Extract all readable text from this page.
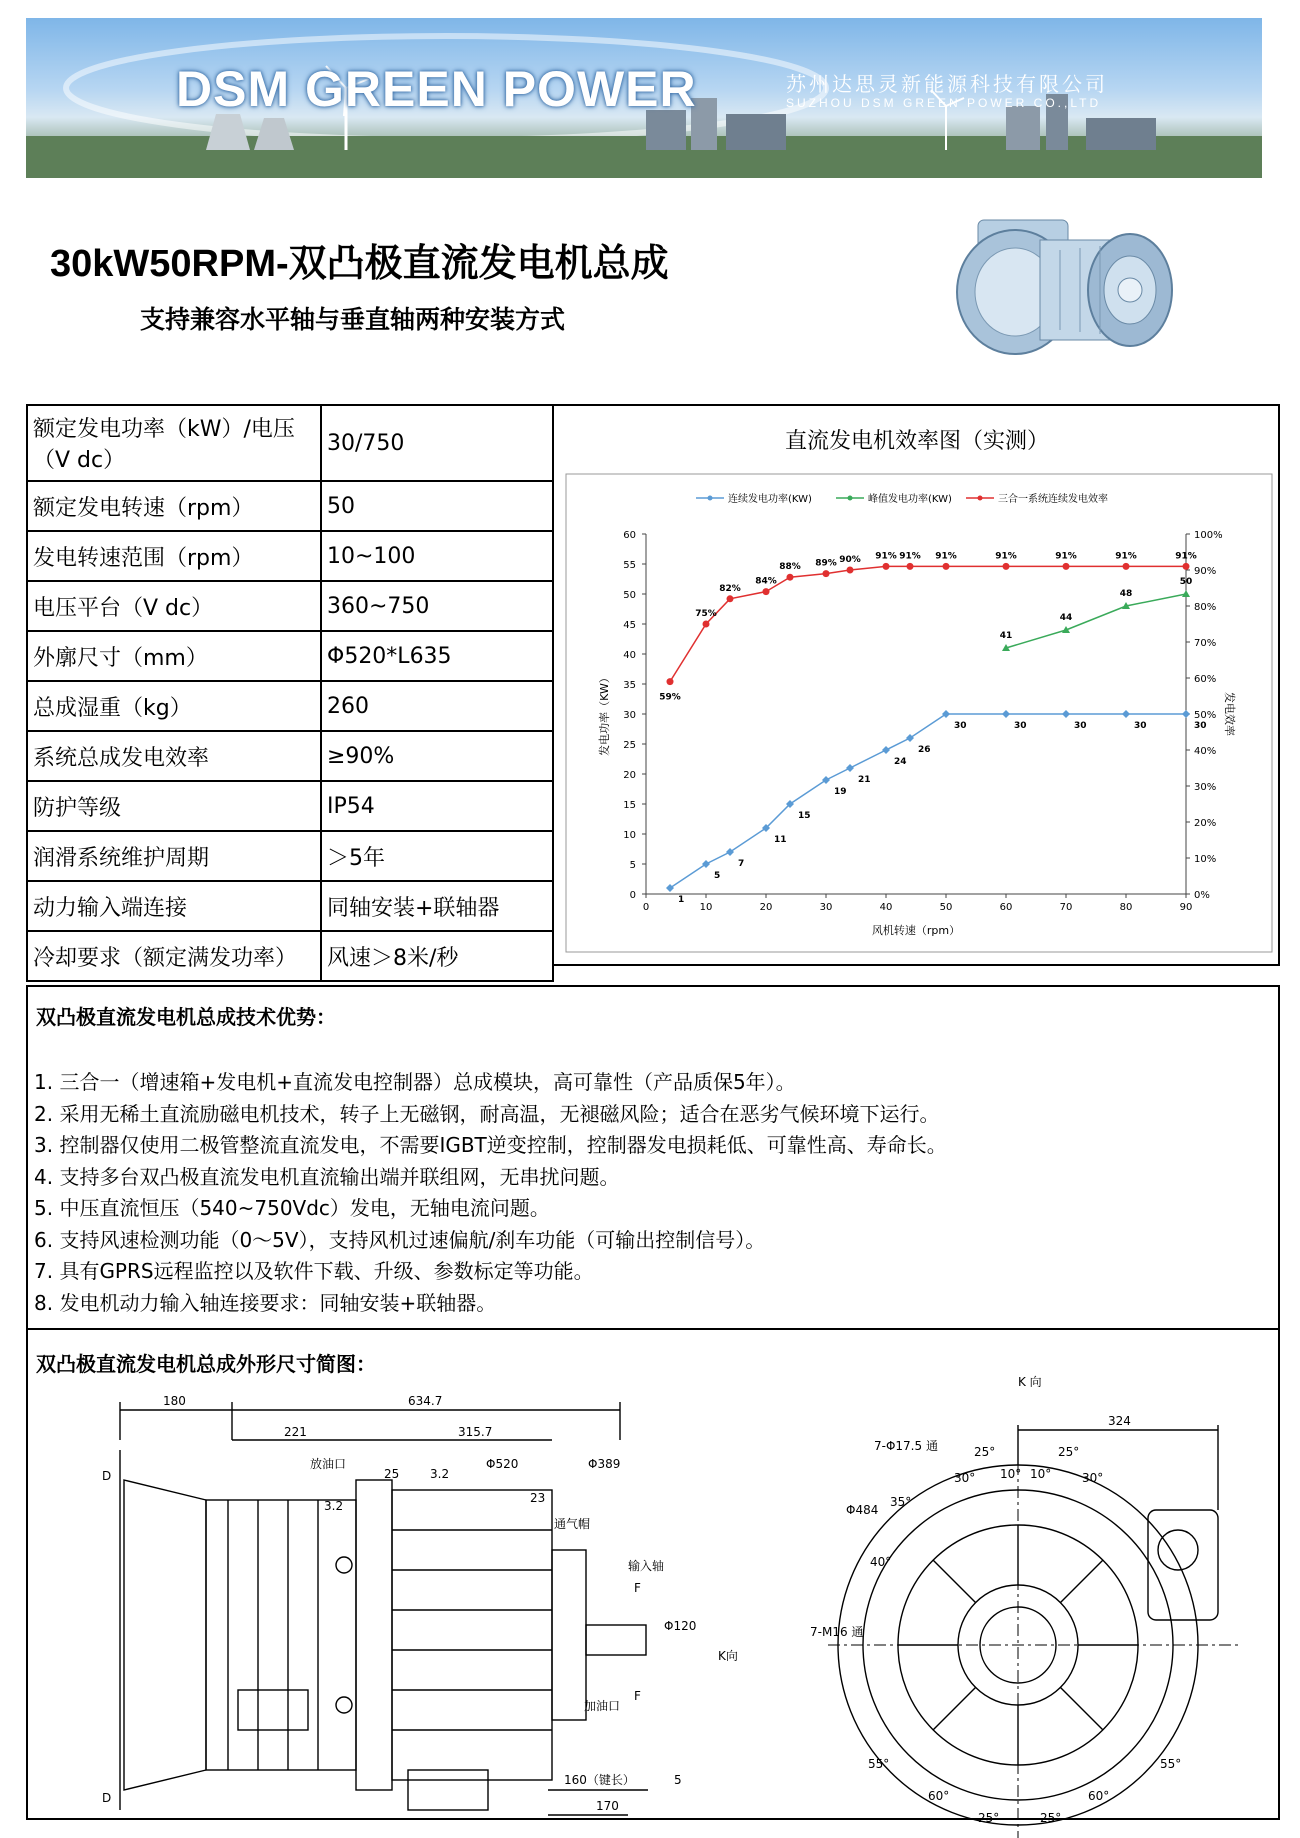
DSM GREEN POWER	苏州达思灵新能源科技有限公司
SUZHOU DSM GREEN POWER CO.,LTD
30kW50RPM-双凸极直流发电机总成
支持兼容水平轴与垂直轴两种安装方式
额定发电功率（kW）/电压（V dc）	30/750
额定发电转速（rpm）	50
发电转速范围（rpm）	10~100
电压平台（V dc）	360~750
外廓尺寸（mm）	Φ520*L635
总成湿重（kg）	260
系统总成发电效率	≥90%
防护等级	IP54
润滑系统维护周期	＞5年
动力输入端连接	同轴安装+联轴器
冷却要求（额定满发功率）	风速＞8米/秒
直流发电机效率图（实测）
0
5
10
15
20
25
30
35
40
45
50
55
60
0%
10%
20%
30%
40%
50%
60%
70%
80%
90%
100%
0	10	20	30	40	50	60	70	80	90
风机转速（rpm）
发电功率（KW）	发电效率
连续发电功率(KW)	峰值发电功率(KW)	三合一系统连续发电效率
1
5
7
11
15
19
21
24
26
30	30	30	30	30
41
44
48
50
59%
75%
82%
84%
88% 89% 90% 91% 91% 91%	91%	91%	91%	91%
双凸极直流发电机总成技术优势：
1. 三合一（增速箱+发电机+直流发电控制器）总成模块，高可靠性（产品质保5年）。
2. 采用无稀土直流励磁电机技术，转子上无磁钢，耐高温，无褪磁风险；适合在恶劣气候环境下运行。
3. 控制器仅使用二极管整流直流发电，不需要IGBT逆变控制，控制器发电损耗低、可靠性高、寿命长。
4. 支持多台双凸极直流发电机直流输出端并联组网，无串扰问题。
5. 中压直流恒压（540~750Vdc）发电，无轴电流问题。
6. 支持风速检测功能（0～5V），支持风机过速偏航/刹车功能（可输出控制信号）。
7. 具有GPRS远程监控以及软件下载、升级、参数标定等功能。
8. 发电机动力输入轴连接要求：同轴安装+联轴器。
双凸极直流发电机总成外形尺寸简图：
180	634.7
221	315.7
25	3.2
3.2
23
Φ520	Φ389
Φ120
放油口
通气帽
输入轴
加油口
K向
160（键长）	5
170
D
D
F
F
K 向
324
7-Φ17.5 通
Φ484
7-M16 通
25°	25°
30°	30°
10° 10°
35°
40°
55°	55°
60°	60°
25°	25°
